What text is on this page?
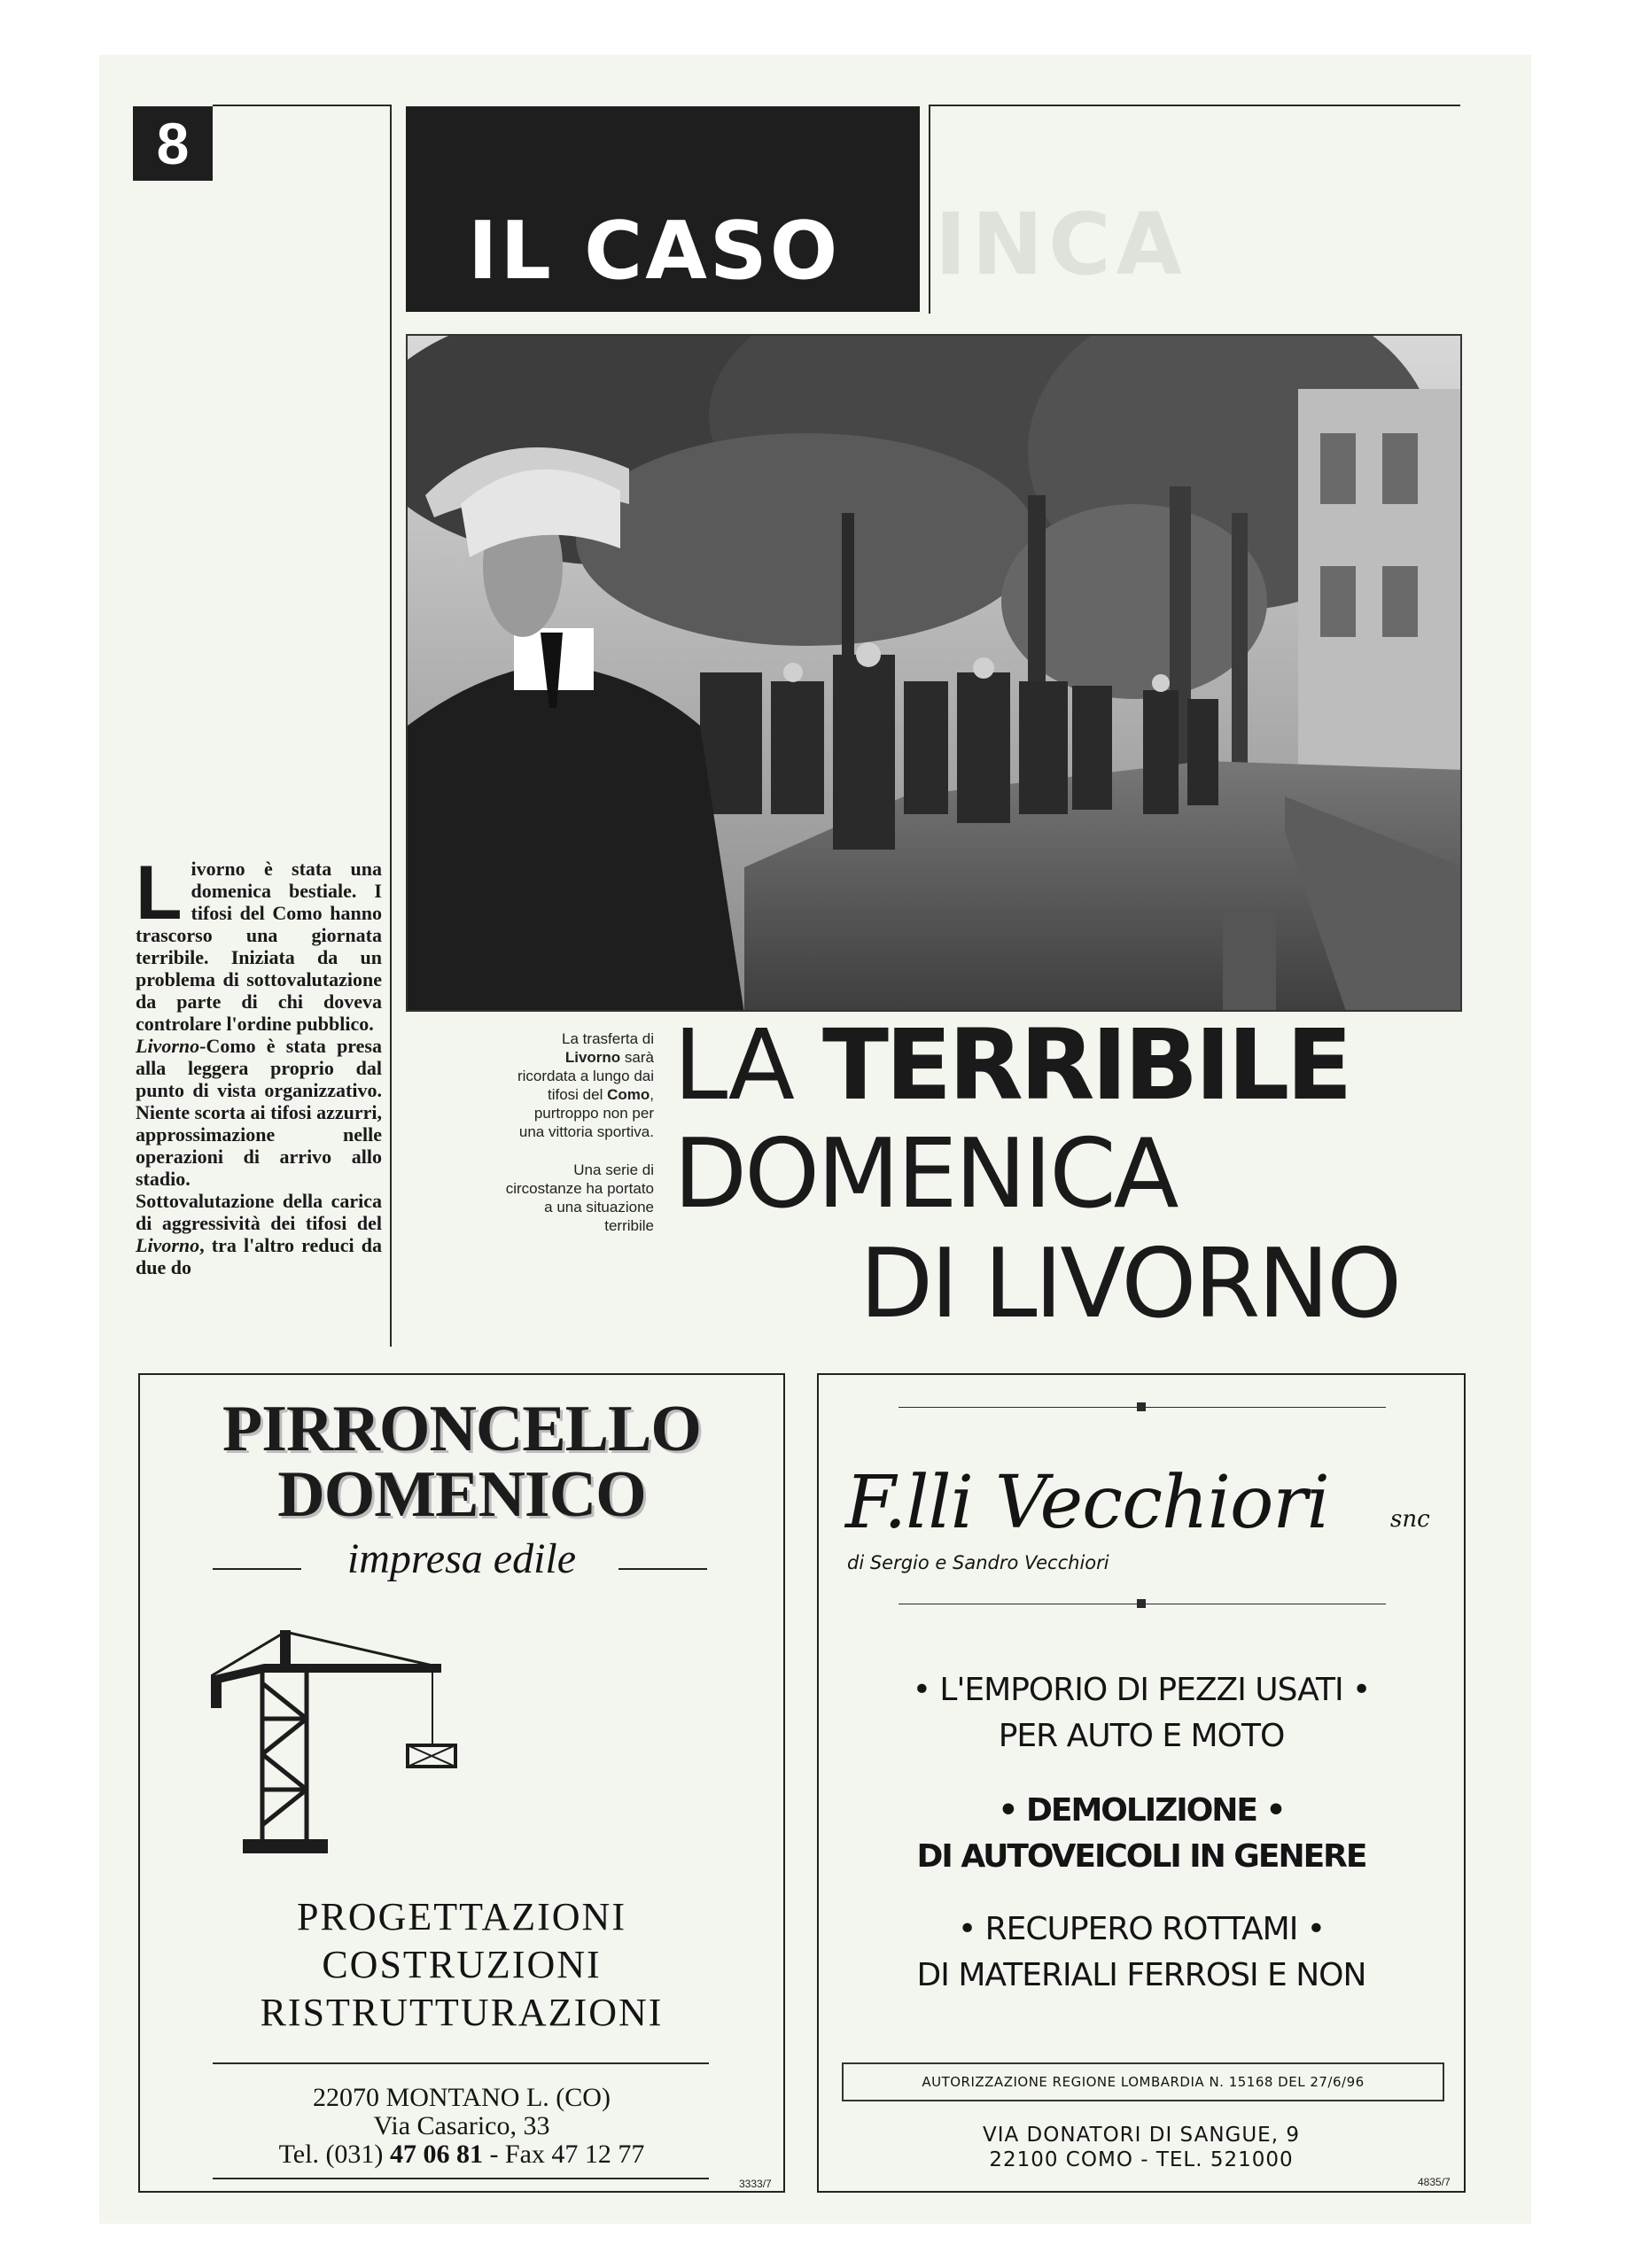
8
IL CASO	INCA
L ivorno è stata una domenica bestiale. I tifosi del Como hanno trascorso una giornata terribile. Iniziata da un problema di sottovalutazione da parte di chi doveva controlare l'ordine pubblico.
Livorno-Como è stata presa alla leggera proprio dal punto di vista organizzativo. Niente scorta ai tifosi azzurri, approssimazione nelle operazioni di arrivo allo stadio.
Sottovalutazione della carica di aggressività dei tifosi del Livorno, tra l'altro reduci da due do

La trasferta di Livorno sarà ricordata a lungo dai tifosi del Como, purtroppo non per una vittoria sportiva.

Una serie di circostanze ha portato a una situazione terribile

LA TERRIBILE
DOMENICA
DI LIVORNO
PIRRONCELLO
DOMENICO
impresa edile
PROGETTAZIONI
COSTRUZIONI
RISTRUTTURAZIONI
22070 MONTANO L. (CO)
Via Casarico, 33
Tel. (031) 47 06 81 - Fax 47 12 77
3333/7
F.lli Vecchiori	snc
di Sergio e Sandro Vecchiori
• L'EMPORIO DI PEZZI USATI •
PER AUTO E MOTO
• DEMOLIZIONE •
DI AUTOVEICOLI IN GENERE
• RECUPERO ROTTAMI •
DI MATERIALI FERROSI E NON
AUTORIZZAZIONE REGIONE LOMBARDIA N. 15168 DEL 27/6/96
VIA DONATORI DI SANGUE, 9
22100 COMO - TEL. 521000
4835/7
